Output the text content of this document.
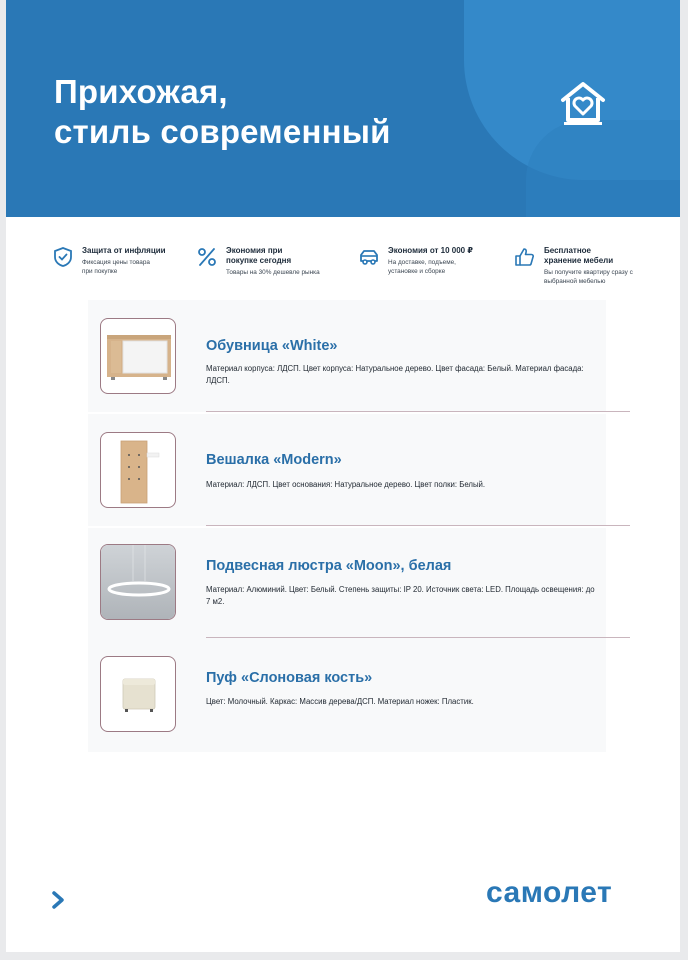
Прихожая,
стиль современный
Защита от инфляции
Фиксация цены товара при покупке
Экономия при покупке сегодня
Товары на 30% дешевле рынка
Экономия от 10 000 ₽
На доставке, подъеме, установке и сборке
Бесплатное хранение мебели
Вы получите квартиру сразу с выбранной мебелью
Обувница «White»
Материал корпуса: ЛДСП. Цвет корпуса: Натуральное дерево. Цвет фасада: Белый. Материал фасада: ЛДСП.
Вешалка «Modern»
Материал: ЛДСП. Цвет основания: Натуральное дерево. Цвет полки: Белый.
Подвесная люстра «Moon», белая
Материал: Алюминий. Цвет: Белый. Степень защиты: IP 20. Источник света: LED. Площадь освещения: до 7 м2.
Пуф «Слоновая кость»
Цвет: Молочный. Каркас: Массив дерева/ДСП. Материал ножек: Пластик.
самолет
